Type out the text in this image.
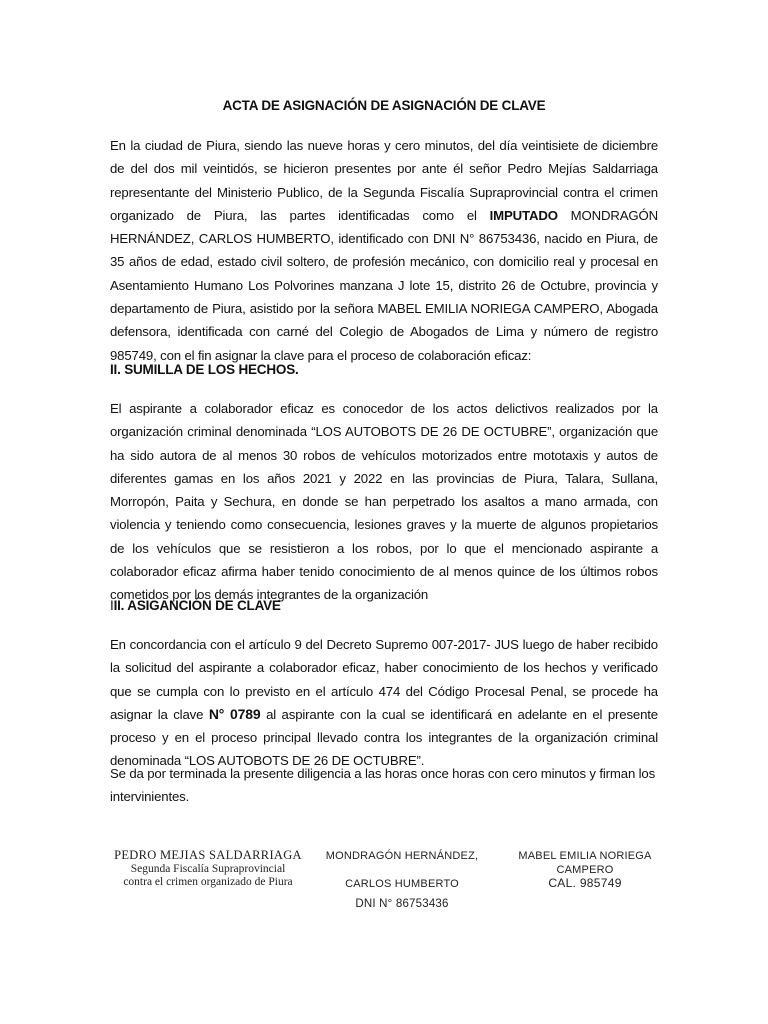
ACTA DE ASIGNACIÓN DE ASIGNACIÓN DE CLAVE
En la ciudad de Piura, siendo las nueve horas y cero minutos, del día veintisiete de diciembre de del dos mil veintidós, se hicieron presentes por ante él señor Pedro Mejías Saldarriaga representante del Ministerio Publico, de la Segunda Fiscalía Supraprovincial contra el crimen organizado de Piura, las partes identificadas como el IMPUTADO MONDRAGÓN HERNÁNDEZ, CARLOS HUMBERTO, identificado con DNI N° 86753436, nacido en Piura, de 35 años de edad, estado civil soltero, de profesión mecánico, con domicilio real y procesal en Asentamiento Humano Los Polvorines manzana J lote 15, distrito 26 de Octubre, provincia y departamento de Piura, asistido por la señora MABEL EMILIA NORIEGA CAMPERO, Abogada defensora, identificada con carné del Colegio de Abogados de Lima y número de registro 985749, con el fin asignar la clave para el proceso de colaboración eficaz:
II. SUMILLA DE LOS HECHOS.
El aspirante a colaborador eficaz es conocedor de los actos delictivos realizados por la organización criminal denominada “LOS AUTOBOTS DE 26 DE OCTUBRE”, organización que ha sido autora de al menos 30 robos de vehículos motorizados entre mototaxis y autos de diferentes gamas en los años 2021 y 2022 en las provincias de Piura, Talara, Sullana, Morropón, Paita y Sechura, en donde se han perpetrado los asaltos a mano armada, con violencia y teniendo como consecuencia, lesiones graves y la muerte de algunos propietarios de los vehículos que se resistieron a los robos, por lo que el mencionado aspirante a colaborador eficaz afirma haber tenido conocimiento de al menos quince de los últimos robos cometidos por los demás integrantes de la organización
III. ASIGANCIÓN DE CLAVE
En concordancia con el artículo 9 del Decreto Supremo 007-2017- JUS luego de haber recibido la solicitud del aspirante a colaborador eficaz, haber conocimiento de los hechos y verificado que se cumpla con lo previsto en el artículo 474 del Código Procesal Penal, se procede ha asignar la clave N° 0789 al aspirante con la cual se identificará en adelante en el presente proceso y en el proceso principal llevado contra los integrantes de la organización criminal denominada “LOS AUTOBOTS DE 26 DE OCTUBRE”.
Se da por terminada la presente diligencia a las horas once horas con cero minutos y firman los intervinientes.
PEDRO MEJIAS SALDARRIAGA
Segunda Fiscalía Supraprovincial
contra el crimen organizado de Piura
MONDRAGÓN HERNÁNDEZ,
CARLOS HUMBERTO
DNI N° 86753436
MABEL EMILIA NORIEGA
CAMPERO
CAL. 985749
